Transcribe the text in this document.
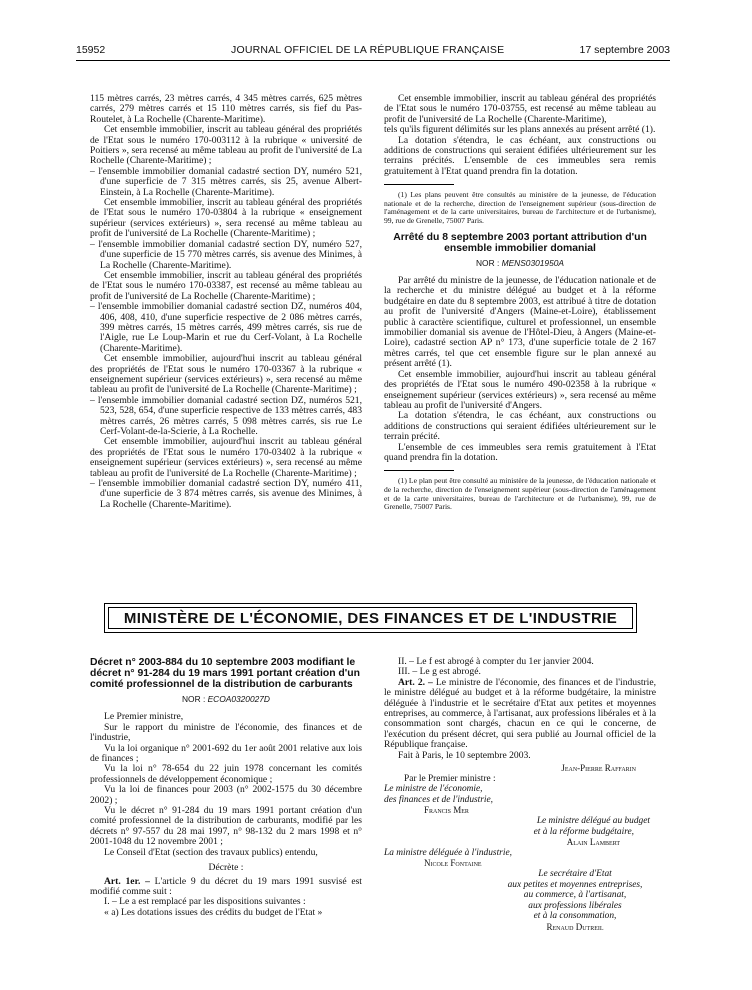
15952	JOURNAL OFFICIEL DE LA RÉPUBLIQUE FRANÇAISE	17 septembre 2003

115 mètres carrés, 23 mètres carrés, 4 345 mètres carrés, 625 mètres carrés, 279 mètres carrés et 15 110 mètres carrés, sis fief du Pas-Routelet, à La Rochelle (Charente-Maritime).

Cet ensemble immobilier, inscrit au tableau général des propriétés de l'Etat sous le numéro 170-003112 à la rubrique « université de Poitiers », sera recensé au même tableau au profit de l'université de La Rochelle (Charente-Maritime) ;

– l'ensemble immobilier domanial cadastré section DY, numéro 521, d'une superficie de 7 315 mètres carrés, sis 25, avenue Albert-Einstein, à La Rochelle (Charente-Maritime).

Cet ensemble immobilier, inscrit au tableau général des propriétés de l'Etat sous le numéro 170-03804 à la rubrique « enseignement supérieur (services extérieurs) », sera recensé au même tableau au profit de l'université de La Rochelle (Charente-Maritime) ;

– l'ensemble immobilier domanial cadastré section DY, numéro 527, d'une superficie de 15 770 mètres carrés, sis avenue des Minimes, à La Rochelle (Charente-Maritime).

Cet ensemble immobilier, inscrit au tableau général des propriétés de l'Etat sous le numéro 170-03387, est recensé au même tableau au profit de l'université de La Rochelle (Charente-Maritime) ;

– l'ensemble immobilier domanial cadastré section DZ, numéros 404, 406, 408, 410, d'une superficie respective de 2 086 mètres carrés, 399 mètres carrés, 15 mètres carrés, 499 mètres carrés, sis rue de l'Aigle, rue Le Loup-Marin et rue du Cerf-Volant, à La Rochelle (Charente-Maritime).

Cet ensemble immobilier, aujourd'hui inscrit au tableau général des propriétés de l'Etat sous le numéro 170-03367 à la rubrique « enseignement supérieur (services extérieurs) », sera recensé au même tableau au profit de l'université de La Rochelle (Charente-Maritime) ;

– l'ensemble immobilier domanial cadastré section DZ, numéros 521, 523, 528, 654, d'une superficie respective de 133 mètres carrés, 483 mètres carrés, 26 mètres carrés, 5 098 mètres carrés, sis rue Le Cerf-Volant-de-la-Scierie, à La Rochelle.

Cet ensemble immobilier, aujourd'hui inscrit au tableau général des propriétés de l'Etat sous le numéro 170-03402 à la rubrique « enseignement supérieur (services extérieurs) », sera recensé au même tableau au profit de l'université de La Rochelle (Charente-Maritime) ;

– l'ensemble immobilier domanial cadastré section DY, numéro 411, d'une superficie de 3 874 mètres carrés, sis avenue des Minimes, à La Rochelle (Charente-Maritime).

Cet ensemble immobilier, inscrit au tableau général des propriétés de l'Etat sous le numéro 170-03755, est recensé au même tableau au profit de l'université de La Rochelle (Charente-Maritime),

tels qu'ils figurent délimités sur les plans annexés au présent arrêté (1).

La dotation s'étendra, le cas échéant, aux constructions ou additions de constructions qui seraient édifiées ultérieurement sur les terrains précités. L'ensemble de ces immeubles sera remis gratuitement à l'Etat quand prendra fin la dotation.

(1) Les plans peuvent être consultés au ministère de la jeunesse, de l'éducation nationale et de la recherche, direction de l'enseignement supérieur (sous-direction de l'aménagement et de la carte universitaires, bureau de l'architecture et de l'urbanisme), 99, rue de Grenelle, 75007 Paris.

Arrêté du 8 septembre 2003 portant attribution d'un ensemble immobilier domanial
NOR : MENS0301950A

Par arrêté du ministre de la jeunesse, de l'éducation nationale et de la recherche et du ministre délégué au budget et à la réforme budgétaire en date du 8 septembre 2003, est attribué à titre de dotation au profit de l'université d'Angers (Maine-et-Loire), établissement public à caractère scientifique, culturel et professionnel, un ensemble immobilier domanial sis avenue de l'Hôtel-Dieu, à Angers (Maine-et-Loire), cadastré section AP n° 173, d'une superficie totale de 2 167 mètres carrés, tel que cet ensemble figure sur le plan annexé au présent arrêté (1).

Cet ensemble immobilier, aujourd'hui inscrit au tableau général des propriétés de l'Etat sous le numéro 490-02358 à la rubrique « enseignement supérieur (services extérieurs) », sera recensé au même tableau au profit de l'université d'Angers.

La dotation s'étendra, le cas échéant, aux constructions ou additions de constructions qui seraient édifiées ultérieurement sur le terrain précité.

L'ensemble de ces immeubles sera remis gratuitement à l'Etat quand prendra fin la dotation.

(1) Le plan peut être consulté au ministère de la jeunesse, de l'éducation nationale et de la recherche, direction de l'enseignement supérieur (sous-direction de l'aménagement et de la carte universitaires, bureau de l'architecture et de l'urbanisme), 99, rue de Grenelle, 75007 Paris.

MINISTÈRE DE L'ÉCONOMIE, DES FINANCES ET DE L'INDUSTRIE
Décret n° 2003-884 du 10 septembre 2003 modifiant le décret n° 91-284 du 19 mars 1991 portant création d'un comité professionnel de la distribution de carburants
NOR : ECOA0320027D

Le Premier ministre,

Sur le rapport du ministre de l'économie, des finances et de l'industrie,

Vu la loi organique n° 2001-692 du 1er août 2001 relative aux lois de finances ;

Vu la loi n° 78-654 du 22 juin 1978 concernant les comités professionnels de développement économique ;

Vu la loi de finances pour 2003 (n° 2002-1575 du 30 décembre 2002) ;

Vu le décret n° 91-284 du 19 mars 1991 portant création d'un comité professionnel de la distribution de carburants, modifié par les décrets n° 97-557 du 28 mai 1997, n° 98-132 du 2 mars 1998 et n° 2001-1048 du 12 novembre 2001 ;

Le Conseil d'Etat (section des travaux publics) entendu,

Décrète :

Art. 1er. – L'article 9 du décret du 19 mars 1991 susvisé est modifié comme suit :

I. – Le a est remplacé par les dispositions suivantes :

« a) Les dotations issues des crédits du budget de l'Etat »

II. – Le f est abrogé à compter du 1er janvier 2004.

III. – Le g est abrogé.

Art. 2. – Le ministre de l'économie, des finances et de l'industrie, le ministre délégué au budget et à la réforme budgétaire, la ministre déléguée à l'industrie et le secrétaire d'Etat aux petites et moyennes entreprises, au commerce, à l'artisanat, aux professions libérales et à la consommation sont chargés, chacun en ce qui le concerne, de l'exécution du présent décret, qui sera publié au Journal officiel de la République française.

Fait à Paris, le 10 septembre 2003.

Jean-Pierre Raffarin

Par le Premier ministre :

Le ministre de l'économie,

des finances et de l'industrie,

Francis Mer

Le ministre délégué au budget

et à la réforme budgétaire,

Alain Lambert

La ministre déléguée à l'industrie,

Nicole Fontaine

Le secrétaire d'Etat

aux petites et moyennes entreprises,

au commerce, à l'artisanat,

aux professions libérales

et à la consommation,

Renaud Dutreil
